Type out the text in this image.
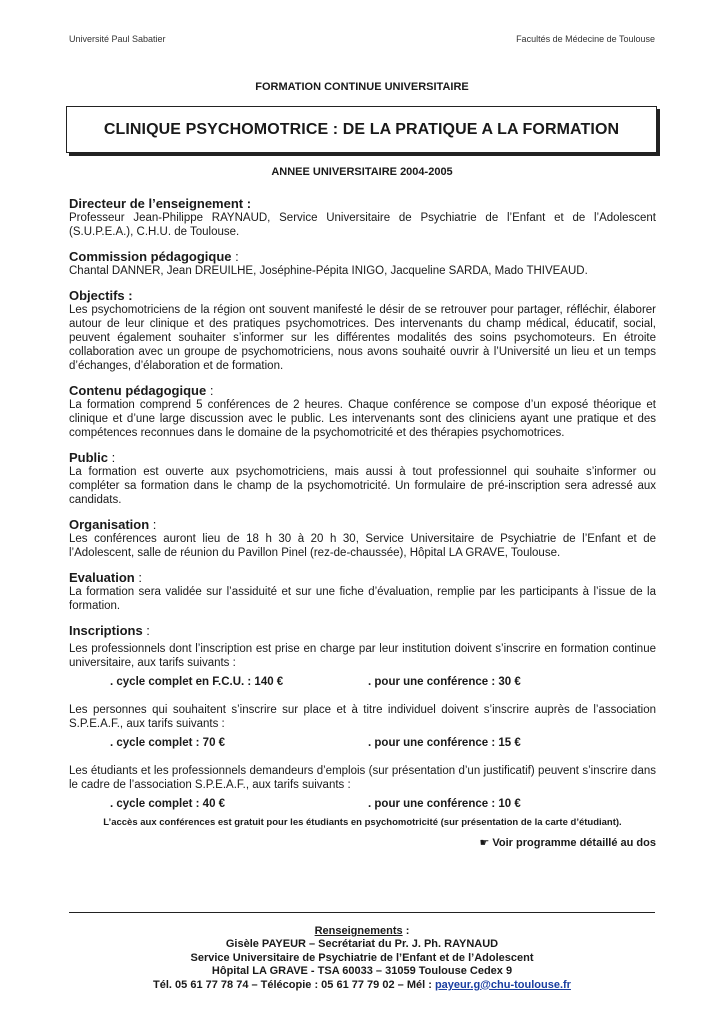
Université Paul Sabatier	Facultés de Médecine de Toulouse
FORMATION CONTINUE UNIVERSITAIRE
CLINIQUE PSYCHOMOTRICE : DE LA PRATIQUE A LA FORMATION
ANNEE UNIVERSITAIRE 2004-2005
Directeur de l’enseignement :
Professeur Jean-Philippe RAYNAUD, Service Universitaire de Psychiatrie de l’Enfant et de l’Adolescent (S.U.P.E.A.), C.H.U. de Toulouse.
Commission pédagogique :
Chantal DANNER, Jean DREUILHE, Joséphine-Pépita INIGO, Jacqueline SARDA, Mado THIVEAUD.
Objectifs :
Les psychomotriciens de la région ont souvent manifesté le désir de se retrouver pour partager, réfléchir, élaborer autour de leur clinique et des pratiques psychomotrices. Des intervenants du champ médical, éducatif, social, peuvent également souhaiter s’informer sur les différentes modalités des soins psychomoteurs. En étroite collaboration avec un groupe de psychomotriciens, nous avons souhaité ouvrir à l’Université un lieu et un temps d’échanges, d’élaboration et de formation.
Contenu pédagogique :
La formation comprend 5 conférences de 2 heures. Chaque conférence se compose d’un exposé théorique et clinique et d’une large discussion avec le public. Les intervenants sont des cliniciens ayant une pratique et des compétences reconnues dans le domaine de la psychomotricité et des thérapies psychomotrices.
Public :
La formation est ouverte aux psychomotriciens, mais aussi à tout professionnel qui souhaite s’informer ou compléter sa formation dans le champ de la psychomotricité. Un formulaire de pré-inscription sera adressé aux candidats.
Organisation :
Les conférences auront lieu de 18 h 30 à 20 h 30, Service Universitaire de Psychiatrie de l’Enfant et de l’Adolescent, salle de réunion du Pavillon Pinel (rez-de-chaussée), Hôpital LA GRAVE, Toulouse.
Evaluation :
La formation sera validée sur l’assiduité et sur une fiche d’évaluation, remplie par les participants à l’issue de la formation.
Inscriptions :
Les professionnels dont l’inscription est prise en charge par leur institution doivent s’inscrire en formation continue universitaire, aux tarifs suivants :
. cycle complet en F.C.U. : 140 €	. pour une conférence : 30 €
Les personnes qui souhaitent s’inscrire sur place et à titre individuel doivent s’inscrire auprès de l’association S.P.E.A.F., aux tarifs suivants :
. cycle complet : 70 €	. pour une conférence : 15 €
Les étudiants et les professionnels demandeurs d’emplois (sur présentation d’un justificatif) peuvent s’inscrire dans le cadre de l’association S.P.E.A.F., aux tarifs suivants :
. cycle complet : 40 €	. pour une conférence : 10 €
L’accès aux conférences est gratuit pour les étudiants en psychomotricité (sur présentation de la carte d’étudiant).
☛ Voir programme détaillé au dos
Renseignements :
Gisèle PAYEUR – Secrétariat du Pr. J. Ph. RAYNAUD
Service Universitaire de Psychiatrie de l’Enfant et de l’Adolescent
Hôpital LA GRAVE - TSA 60033 – 31059 Toulouse Cedex 9
Tél. 05 61 77 78 74 – Télécopie : 05 61 77 79 02 – Mél : payeur.g@chu-toulouse.fr
